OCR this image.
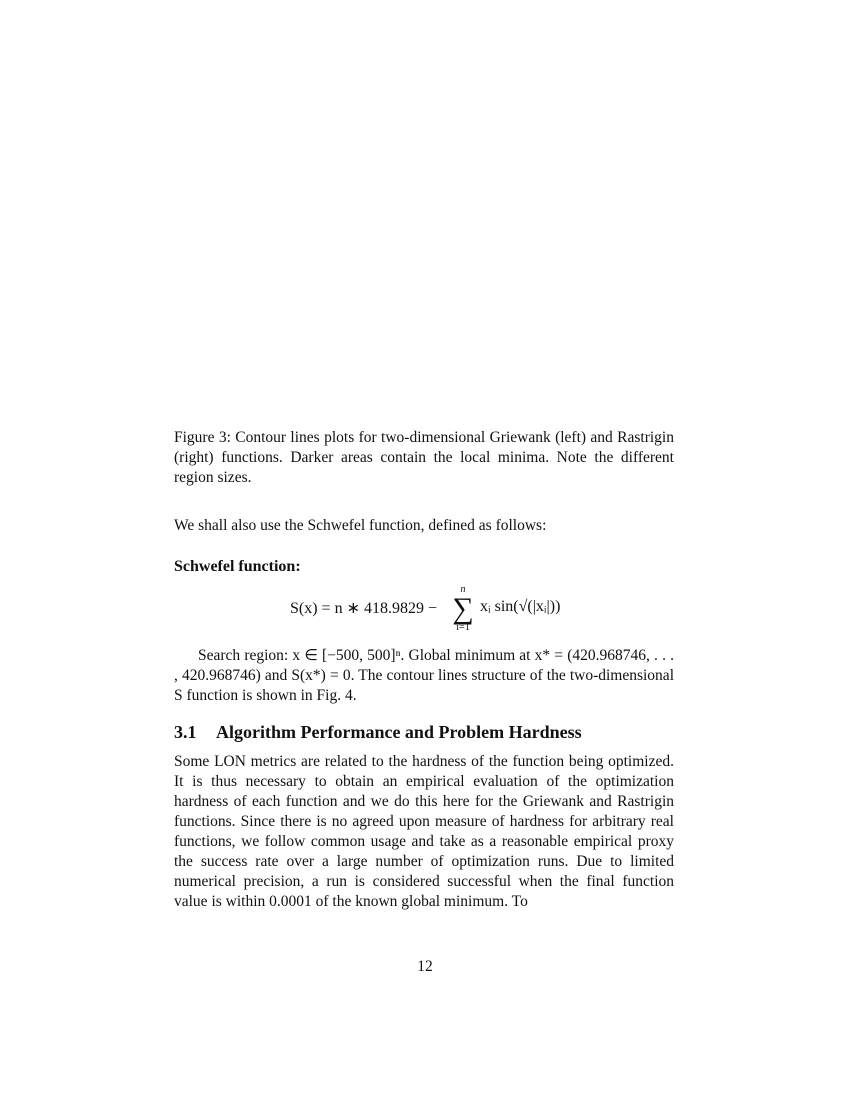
Figure 3: Contour lines plots for two-dimensional Griewank (left) and Rastrigin (right) functions. Darker areas contain the local minima. Note the different region sizes.

We shall also use the Schwefel function, defined as follows:

Schwefel function:
S(x) = n ∗ 418.9829 −
n
∑
i=1
xᵢ sin(√(|xᵢ|))

Search region: x ∈ [−500, 500]ⁿ. Global minimum at x* = (420.968746, . . . , 420.968746) and S(x*) = 0. The contour lines structure of the two-dimensional S function is shown in Fig. 4.

3.1 Algorithm Performance and Problem Hardness

Some LON metrics are related to the hardness of the function being optimized. It is thus necessary to obtain an empirical evaluation of the optimization hardness of each function and we do this here for the Griewank and Rastrigin functions. Since there is no agreed upon measure of hardness for arbitrary real functions, we follow common usage and take as a reasonable empirical proxy the success rate over a large number of optimization runs. Due to limited numerical precision, a run is considered successful when the final function value is within 0.0001 of the known global minimum. To

12
